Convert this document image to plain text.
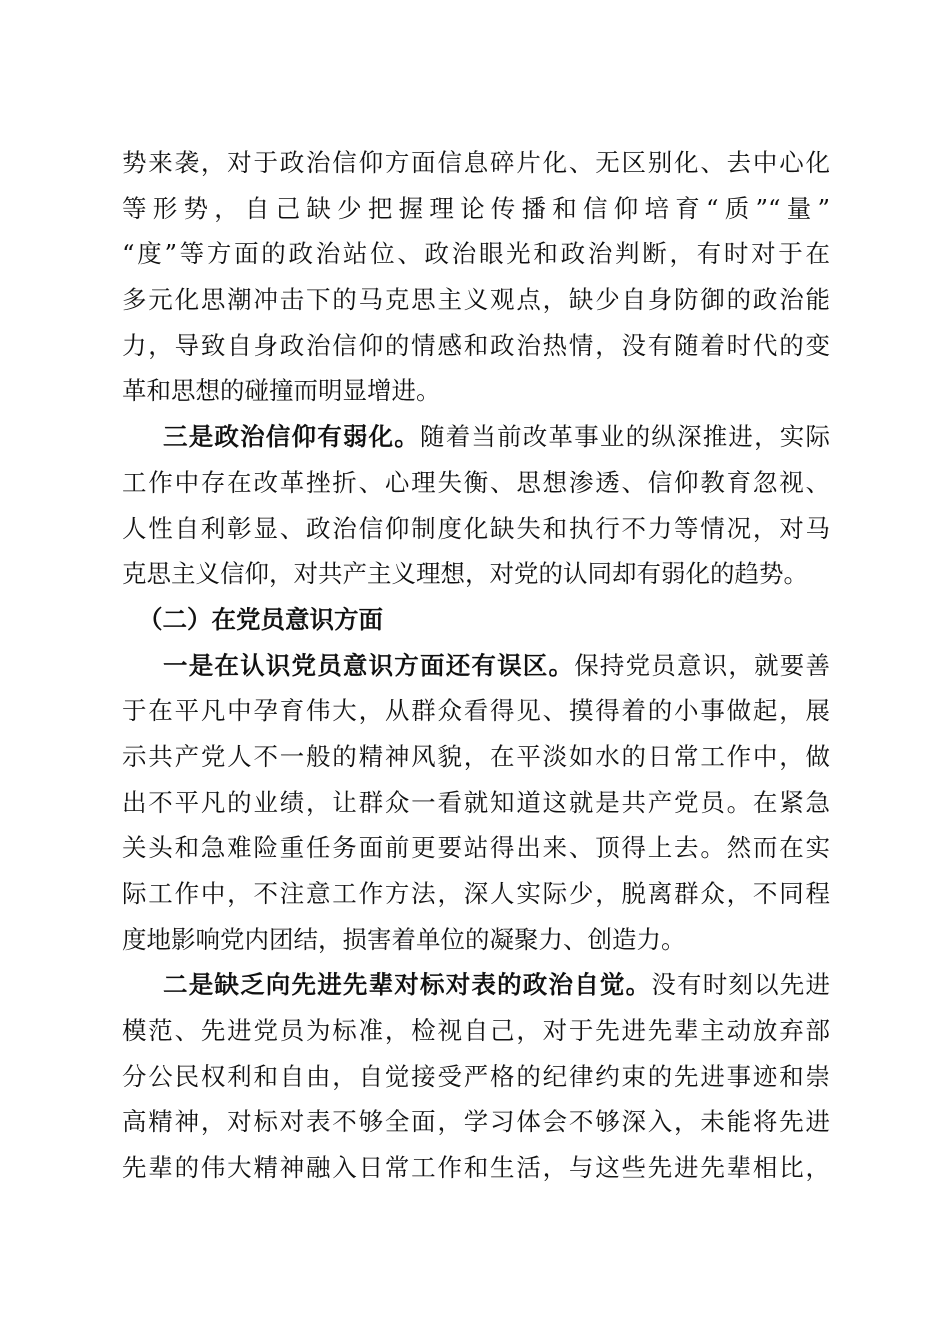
势来袭，对于政治信仰方面信息碎片化、无区别化、去中心化
等形势，自己缺少把握理论传播和信仰培育“质”“量”
“度”等方面的政治站位、政治眼光和政治判断，有时对于在
多元化思潮冲击下的马克思主义观点，缺少自身防御的政治能
力，导致自身政治信仰的情感和政治热情，没有随着时代的变
革和思想的碰撞而明显增进。
三是政治信仰有弱化。随着当前改革事业的纵深推进，实际
工作中存在改革挫折、心理失衡、思想渗透、信仰教育忽视、
人性自利彰显、政治信仰制度化缺失和执行不力等情况，对马
克思主义信仰，对共产主义理想，对党的认同却有弱化的趋势。
（二）在党员意识方面
一是在认识党员意识方面还有误区。保持党员意识，就要善
于在平凡中孕育伟大，从群众看得见、摸得着的小事做起，展
示共产党人不一般的精神风貌，在平淡如水的日常工作中，做
出不平凡的业绩，让群众一看就知道这就是共产党员。在紧急
关头和急难险重任务面前更要站得出来、顶得上去。然而在实
际工作中，不注意工作方法，深人实际少，脱离群众，不同程
度地影响党内团结，损害着单位的凝聚力、创造力。
二是缺乏向先进先辈对标对表的政治自觉。没有时刻以先进
模范、先进党员为标准，检视自己，对于先进先辈主动放弃部
分公民权利和自由，自觉接受严格的纪律约束的先进事迹和崇
高精神，对标对表不够全面，学习体会不够深入，未能将先进
先辈的伟大精神融入日常工作和生活，与这些先进先辈相比，
